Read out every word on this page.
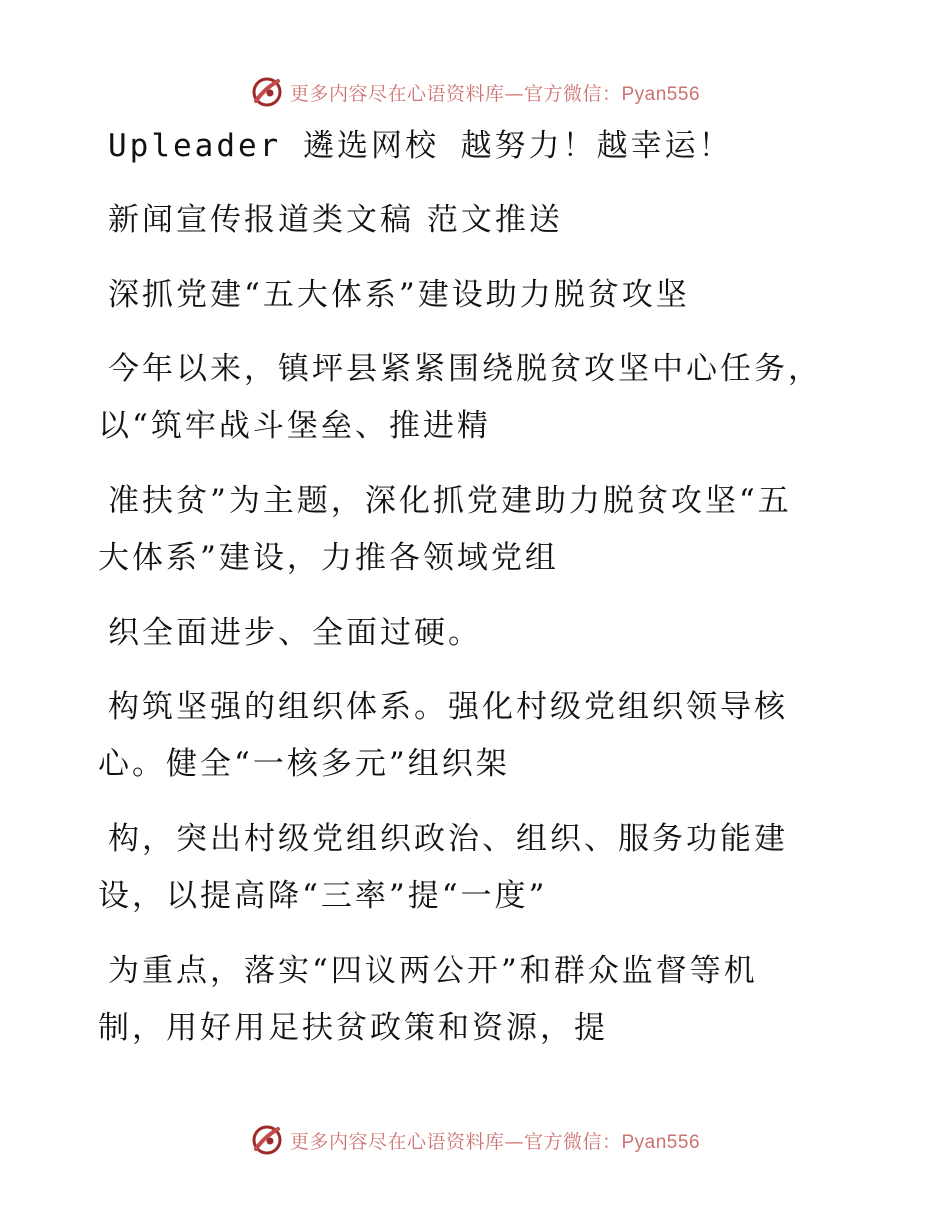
更多内容尽在心语资料库—官方微信：Pyan556
Upleader 遴选网校 越努力！越幸运！
新闻宣传报道类文稿 范文推送
深抓党建“五大体系”建设助力脱贫攻坚
今年以来，镇坪县紧紧围绕脱贫攻坚中心任务，
以“筑牢战斗堡垒、推进精
准扶贫”为主题，深化抓党建助力脱贫攻坚“五
大体系”建设，力推各领域党组
织全面进步、全面过硬。
构筑坚强的组织体系。强化村级党组织领导核
心。健全“一核多元”组织架
构，突出村级党组织政治、组织、服务功能建
设，以提高降“三率”提“一度”
为重点，落实“四议两公开”和群众监督等机
制，用好用足扶贫政策和资源，提
更多内容尽在心语资料库—官方微信：Pyan556
